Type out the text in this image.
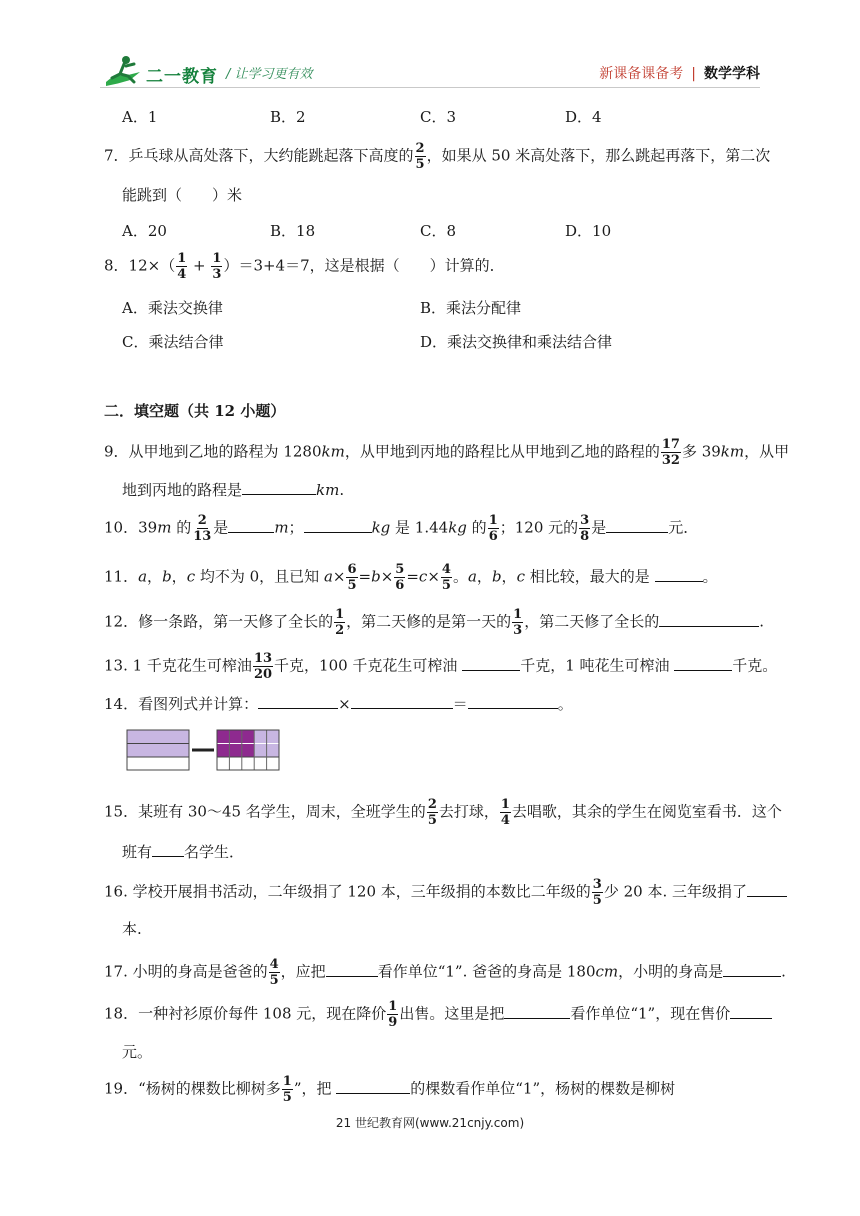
二一教育 / 让学习更有效	新课备课备考 | 数学学科
A．1	B．2	C．3	D．4
7．乒乓球从高处落下，大约能跳起落下高度的 $\frac{2}{5}$ ，如果从 50 米高处落下，那么跳起再落下，第二次
能跳到（　　）米
A．20	B．18	C．8	D．10
8．$12\times( \frac{1}{4} + \frac{1}{3} )=3+4=7$，这是根据（　　）计算的．
A．乘法交换律	B．乘法分配律
C．乘法结合律	D．乘法交换律和乘法结合律
二．填空题（共 12 小题）
9．从甲地到乙地的路程为 1280km，从甲地到丙地的路程比从甲地到乙地的路程的 $\frac{17}{32}$ 多 39km，从甲
地到丙地的路程是	km.
10．39m 的 $\frac{2}{13}$ 是	m；	kg 是 1.44kg 的 $\frac{1}{6}$ ；120 元的 $\frac{3}{8}$ 是	元．
11．a，b，c 均不为 0，且已知 $a\times \frac{6}{5} =b\times \frac{5}{6} =c\times \frac{4}{5}$ 。a，b，c 相比较，最大的是	。
12．修一条路，第一天修了全长的 $\frac{1}{2}$ ，第二天修的是第一天的 $\frac{1}{3}$ ，第二天修了全长的	.
13. 1 千克花生可榨油 $\frac{13}{20}$ 千克，100 千克花生可榨油	千克，1 吨花生可榨油	千克。
14．看图列式并计算：	×	＝	。
15．某班有 30～45 名学生，周末，全班学生的 $\frac{2}{5}$ 去打球， $\frac{1}{4}$ 去唱歌，其余的学生在阅览室看书．这个
班有 名学生．
16. 学校开展捐书活动，二年级捐了 120 本，三年级捐的本数比二年级的 $\frac{3}{5}$ 少 20 本. 三年级捐了
本.
17. 小明的身高是爸爸的 $\frac{4}{5}$ ，应把	看作单位“1”. 爸爸的身高是 180cm，小明的身高是	.
18．一种衬衫原价每件 108 元，现在降价 $\frac{1}{9}$ 出售。这里是把	看作单位“1”，现在售价
元。
19．“杨树的棵数比柳树多 $\frac{1}{5}$ ”，把	的棵数看作单位“1”，杨树的棵数是柳树
21 世纪教育网(www.21cnjy.com)
